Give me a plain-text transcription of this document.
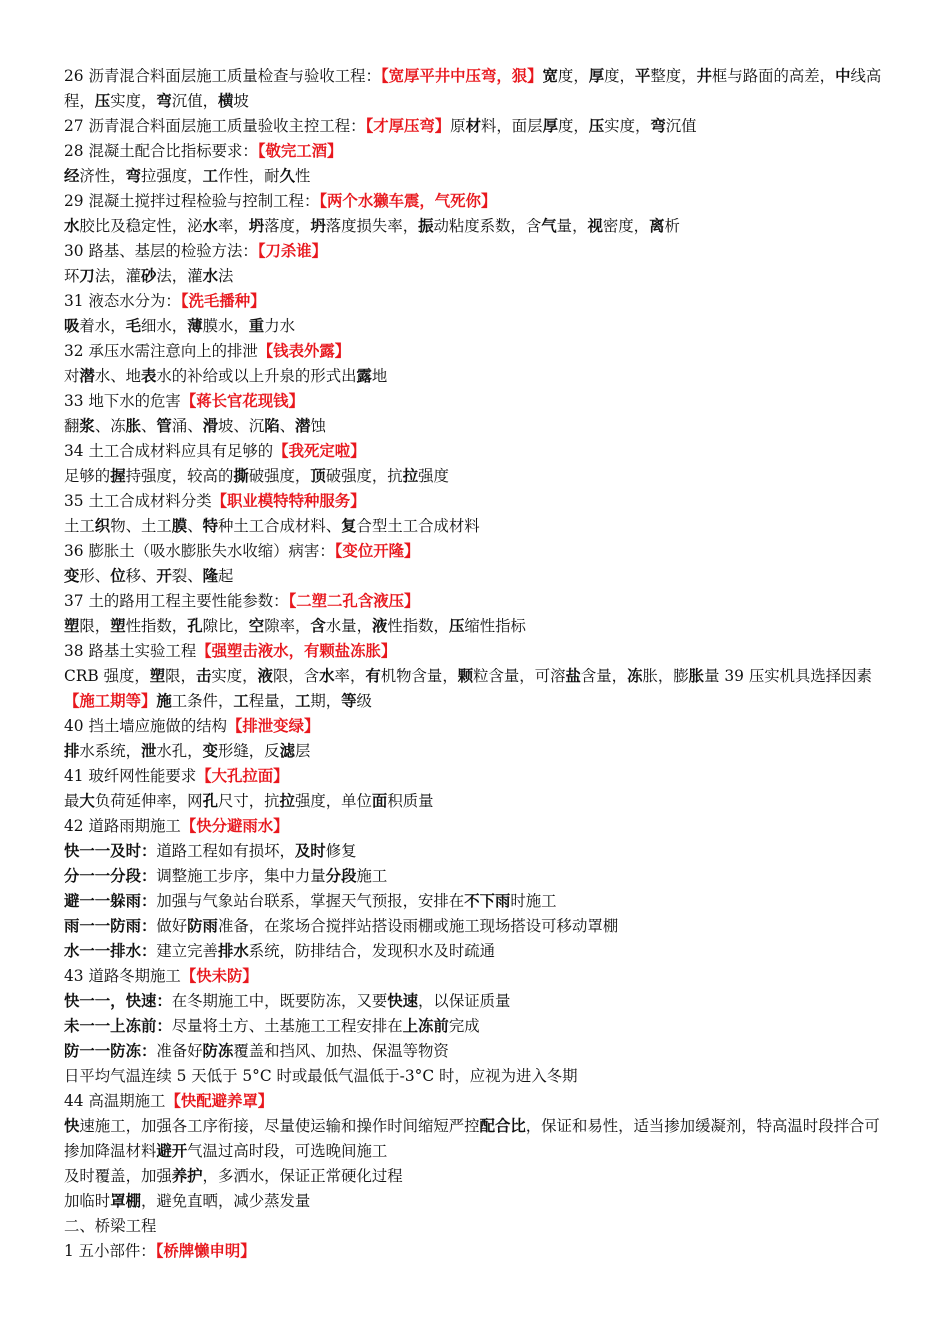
26 沥青混合料面层施工质量检查与验收工程：【宽厚平井中压弯，狠】宽度，厚度，平整度，井框与路面的高差，中线高程，压实度，弯沉值，横坡
27 沥青混合料面层施工质量验收主控工程：【才厚压弯】原材料，面层厚度，压实度，弯沉值
28 混凝土配合比指标要求：【敬完工酒】
经济性，弯拉强度，工作性，耐久性
29 混凝土搅拌过程检验与控制工程：【两个水獭车震，气死你】
水胶比及稳定性，泌水率，坍落度，坍落度损失率，振动粘度系数，含气量，视密度，离析
30 路基、基层的检验方法：【刀杀谁】
环刀法，灌砂法，灌水法
31 液态水分为：【洗毛播种】
吸着水，毛细水，薄膜水，重力水
32 承压水需注意向上的排泄【钱表外露】
对潜水、地表水的补给或以上升泉的形式出露地
33 地下水的危害【蒋长官花现钱】
翻浆、冻胀、管涌、滑坡、沉陷、潜蚀
34 土工合成材料应具有足够的【我死定啦】
足够的握持强度，较高的撕破强度，顶破强度，抗拉强度
35 土工合成材料分类【职业模特特种服务】
土工织物、土工膜、特种土工合成材料、复合型土工合成材料
36 膨胀土（吸水膨胀失水收缩）病害：【变位开隆】
变形、位移、开裂、隆起
37 土的路用工程主要性能参数：【二塑二孔含液压】
塑限，塑性指数，孔隙比，空隙率，含水量，液性指数，压缩性指标
38 路基土实验工程【强塑击液水，有颗盐冻胀】
CRB 强度，塑限，击实度，液限，含水率，有机物含量，颗粒含量，可溶盐含量，冻胀，膨胀量 39 压实机具选择因素【施工期等】施工条件，工程量，工期，等级
40 挡土墙应施做的结构【排泄变绿】
排水系统，泄水孔，变形缝，反滤层
41 玻纤网性能要求【大孔拉面】
最大负荷延伸率，网孔尺寸，抗拉强度，单位面积质量
42 道路雨期施工【快分避雨水】
快一一及时：道路工程如有损坏，及时修复
分一一分段：调整施工步序，集中力量分段施工
避一一躲雨：加强与气象站台联系，掌握天气预报，安排在不下雨时施工
雨一一防雨：做好防雨准备，在浆场合搅拌站搭设雨棚或施工现场搭设可移动罩棚
水一一排水：建立完善排水系统，防排结合，发现积水及时疏通
43 道路冬期施工【快未防】
快一一，快速：在冬期施工中，既要防冻，又要快速，以保证质量
未一一上冻前：尽量将土方、土基施工工程安排在上冻前完成
防一一防冻：准备好防冻覆盖和挡风、加热、保温等物资
日平均气温连续 5 天低于 5°C 时或最低气温低于-3°C 时，应视为进入冬期
44 高温期施工【快配避养罩】
快速施工，加强各工序衔接，尽量使运输和操作时间缩短严控配合比，保证和易性，适当掺加缓凝剂，特高温时段拌合可掺加降温材料避开气温过高时段，可选晚间施工
及时覆盖，加强养护，多洒水，保证正常硬化过程
加临时罩棚，避免直晒，减少蒸发量
二、桥梁工程
1 五小部件：【桥牌懒申明】
